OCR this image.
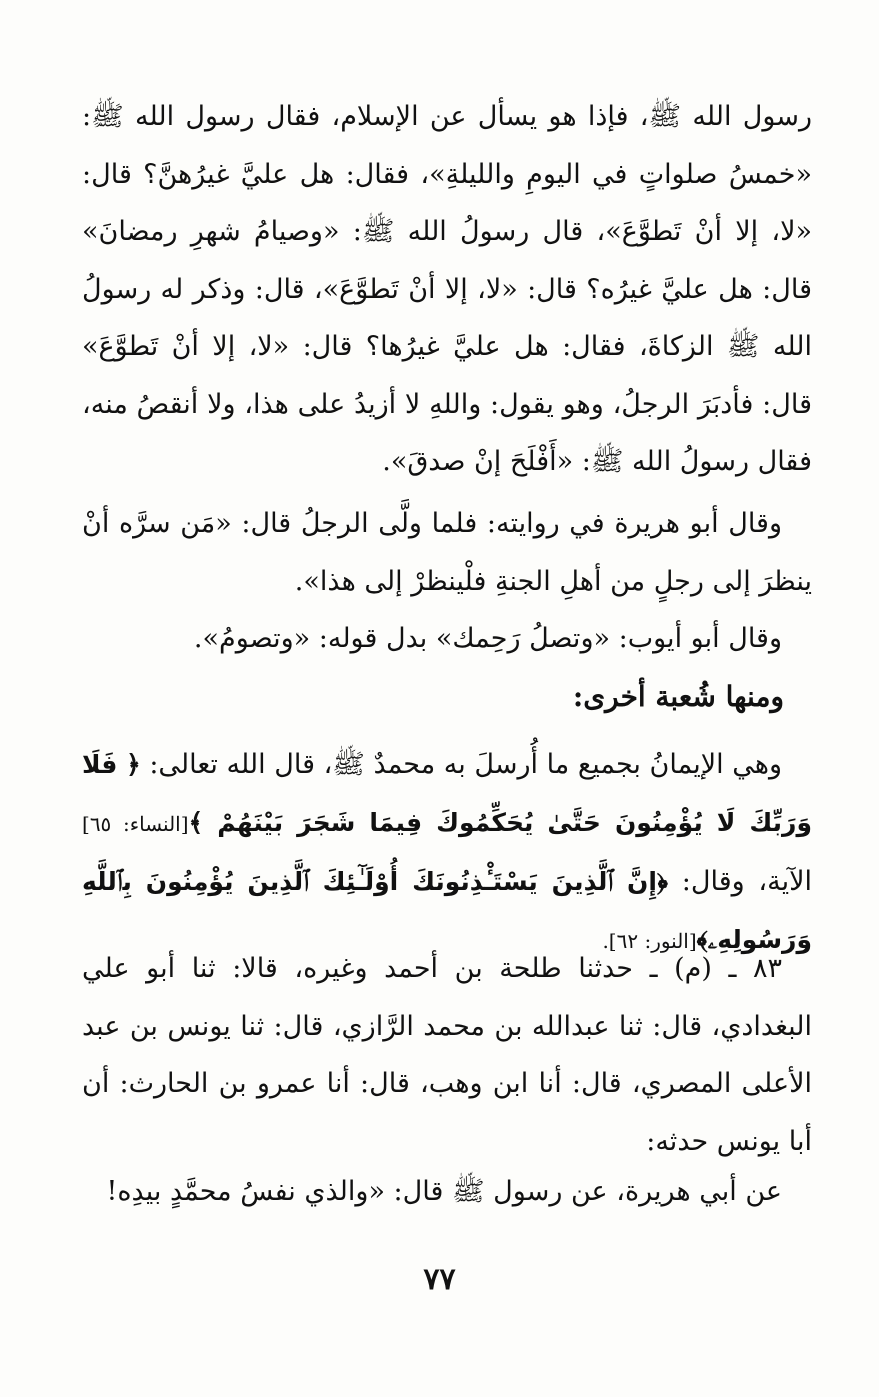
رسول الله ﷺ، فإذا هو يسأل عن الإسلام، فقال رسول الله ﷺ: «خمسُ صلواتٍ في اليومِ والليلةِ»، فقال: هل عليَّ غيرُهنَّ؟ قال: «لا، إلا أنْ تَطوَّعَ»، قال رسولُ الله ﷺ: «وصيامُ شهرِ رمضانَ» قال: هل عليَّ غيرُه؟ قال: «لا، إلا أنْ تَطوَّعَ»، قال: وذكر له رسولُ الله ﷺ الزكاةَ، فقال: هل عليَّ غيرُها؟ قال: «لا، إلا أنْ تَطوَّعَ» قال: فأدبَرَ الرجلُ، وهو يقول: واللهِ لا أزيدُ على هذا، ولا أنقصُ منه، فقال رسولُ الله ﷺ: «أَفْلَحَ إنْ صدقَ».

وقال أبو هريرة في روايته: فلما ولَّى الرجلُ قال: «مَن سرَّه أنْ ينظرَ إلى رجلٍ من أهلِ الجنةِ فلْينظرْ إلى هذا».

وقال أبو أيوب: «وتصلُ رَحِمك» بدل قوله: «وتصومُ».

ومنها شُعبة أخرى:

وهي الإيمانُ بجميع ما أُرسلَ به محمدٌ ﷺ، قال الله تعالى: ﴿ فَلَا وَرَبِّكَ لَا يُؤْمِنُونَ حَتَّىٰ يُحَكِّمُوكَ فِيمَا شَجَرَ بَيْنَهُمْ ﴾[النساء: ٦٥] الآية، وقال: ﴿إِنَّ ٱلَّذِينَ يَسْتَـْٔذِنُونَكَ أُوْلَـٰٓئِكَ ٱلَّذِينَ يُؤْمِنُونَ بِٱللَّهِ وَرَسُولِهِۦ﴾[النور: ٦٢].

٨٣ ـ (م) ـ حدثنا طلحة بن أحمد وغيره، قالا: ثنا أبو علي البغدادي، قال: ثنا عبدالله بن محمد الرَّازي، قال: ثنا يونس بن عبد الأعلى المصري، قال: أنا ابن وهب، قال: أنا عمرو بن الحارث: أن أبا يونس حدثه:

عن أبي هريرة، عن رسول ﷺ قال: «والذي نفسُ محمَّدٍ بيدِه!

٧٧
